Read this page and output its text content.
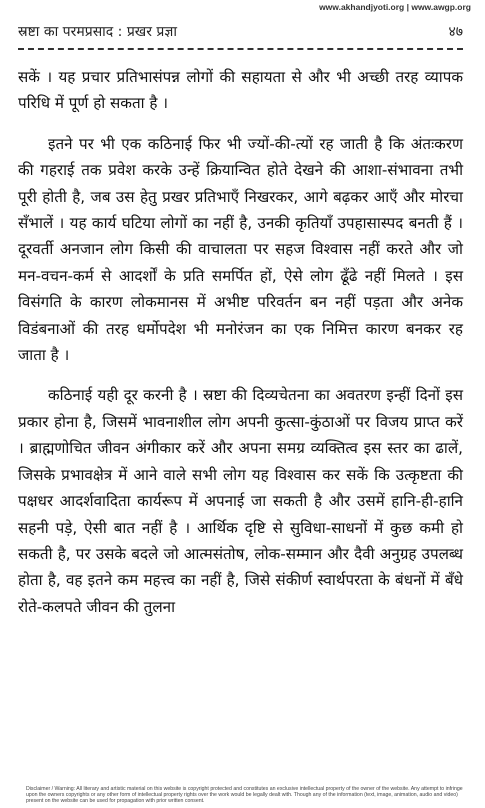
www.akhandjyoti.org | www.awgp.org
स्रष्टा का परमप्रसाद : प्रखर प्रज्ञा	४७

सकें । यह प्रचार प्रतिभासंपन्न लोगों की सहायता से और भी अच्छी तरह व्यापक परिधि में पूर्ण हो सकता है ।

इतने पर भी एक कठिनाई फिर भी ज्यों-की-त्यों रह जाती है कि अंतःकरण की गहराई तक प्रवेश करके उन्हें क्रियान्वित होते देखने की आशा-संभावना तभी पूरी होती है, जब उस हेतु प्रखर प्रतिभाएँ निखरकर, आगे बढ़कर आएँ और मोरचा सँभालें । यह कार्य घटिया लोगों का नहीं है, उनकी कृतियाँ उपहासास्पद बनती हैं । दूरवर्ती अनजान लोग किसी की वाचालता पर सहज विश्वास नहीं करते और जो मन-वचन-कर्म से आदर्शों के प्रति समर्पित हों, ऐसे लोग ढूँढे नहीं मिलते । इस विसंगति के कारण लोकमानस में अभीष्ट परिवर्तन बन नहीं पड़ता और अनेक विडंबनाओं की तरह धर्मोपदेश भी मनोरंजन का एक निमित्त कारण बनकर रह जाता है ।

कठिनाई यही दूर करनी है । स्रष्टा की दिव्यचेतना का अवतरण इन्हीं दिनों इस प्रकार होना है, जिसमें भावनाशील लोग अपनी कुत्सा-कुंठाओं पर विजय प्राप्त करें । ब्राह्मणोचित जीवन अंगीकार करें और अपना समग्र व्यक्तित्व इस स्तर का ढालें, जिसके प्रभावक्षेत्र में आने वाले सभी लोग यह विश्वास कर सकें कि उत्कृष्टता की पक्षधर आदर्शवादिता कार्यरूप में अपनाई जा सकती है और उसमें हानि-ही-हानि सहनी पड़े, ऐसी बात नहीं है । आर्थिक दृष्टि से सुविधा-साधनों में कुछ कमी हो सकती है, पर उसके बदले जो आत्मसंतोष, लोक-सम्मान और दैवी अनुग्रह उपलब्ध होता है, वह इतने कम महत्त्व का नहीं है, जिसे संकीर्ण स्वार्थपरता के बंधनों में बँधे रोते-कलपते जीवन की तुलना

Disclaimer / Warning: All literary and artistic material on this website is copyright protected and constitutes an exclusive intellectual property of the owner of the website. Any attempt to infringe upon the owners copyrights or any other form of intellectual property rights over the work would be legally dealt with. Though any of the information (text, image, animation, audio and video) present on the website can be used for propagation with prior written consent.
